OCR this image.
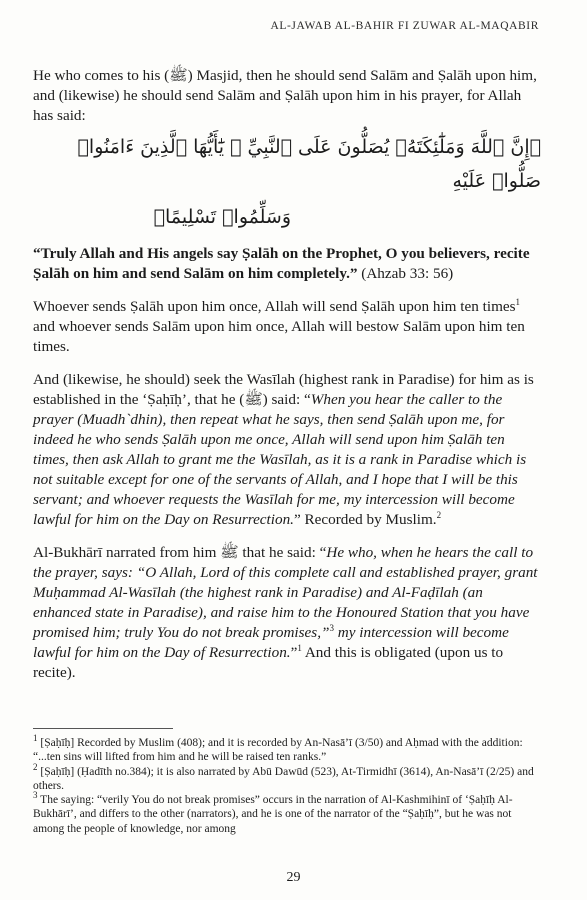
AL-JAWAB AL-BAHIR FI ZUWAR AL-MAQABIR

He who comes to his (ﷺ) Masjid, then he should send Salām and Ṣalāh upon him, and (likewise) he should send Salām and Ṣalāh upon him in his prayer, for Allah has said:

﴿إِنَّ ٱللَّهَ وَمَلَٰٓئِكَتَهُۥ يُصَلُّونَ عَلَى ٱلنَّبِيِّ ۚ يَٰٓأَيُّهَا ٱلَّذِينَ ءَامَنُوا۟ صَلُّوا۟ عَلَيْهِ

وَسَلِّمُوا۟ تَسْلِيمًا﴾

“Truly Allah and His angels say Ṣalāh on the Prophet, O you believers, recite Ṣalāh on him and send Salām on him completely.” (Ahzab 33: 56)

Whoever sends Ṣalāh upon him once, Allah will send Ṣalāh upon him ten times$^1$ and whoever sends Salām upon him once, Allah will bestow Salām upon him ten times.

And (likewise, he should) seek the Wasīlah (highest rank in Paradise) for him as is established in the ‘Ṣaḥīḥ’, that he (ﷺ) said: “When you hear the caller to the prayer (Muadh`dhin), then repeat what he says, then send Ṣalāh upon me, for indeed he who sends Ṣalāh upon me once, Allah will send upon him Ṣalāh ten times, then ask Allah to grant me the Wasīlah, as it is a rank in Paradise which is not suitable except for one of the servants of Allah, and I hope that I will be this servant; and whoever requests the Wasīlah for me, my intercession will become lawful for him on the Day on Resurrection.” Recorded by Muslim.$^2$

Al-Bukhārī narrated from him ﷺ that he said: “He who, when he hears the call to the prayer, says: “O Allah, Lord of this complete call and established prayer, grant Muḥammad Al-Wasīlah (the highest rank in Paradise) and Al-Faḍīlah (an enhanced state in Paradise), and raise him to the Honoured Station that you have promised him; truly You do not break promises,”$^3$ my intercession will become lawful for him on the Day of Resurrection.”$^1$ And this is obligated (upon us to recite).

$^1$ [Ṣaḥīḥ] Recorded by Muslim (408); and it is recorded by An-Nasā’ī (3/50) and Aḥmad with the addition: “...ten sins will lifted from him and he will be raised ten ranks.”

$^2$ [Ṣaḥīḥ] (Ḥadīth no.384); it is also narrated by Abū Dawūd (523), At-Tirmidhī (3614), An-Nasā’ī (2/25) and others.

$^3$ The saying: “verily You do not break promises” occurs in the narration of Al-Kashmihinī of ‘Ṣaḥīḥ Al-Bukhārī’, and differs to the other (narrators), and he is one of the narrator of the “Ṣaḥīḥ”, but he was not among the people of knowledge, nor among

29
